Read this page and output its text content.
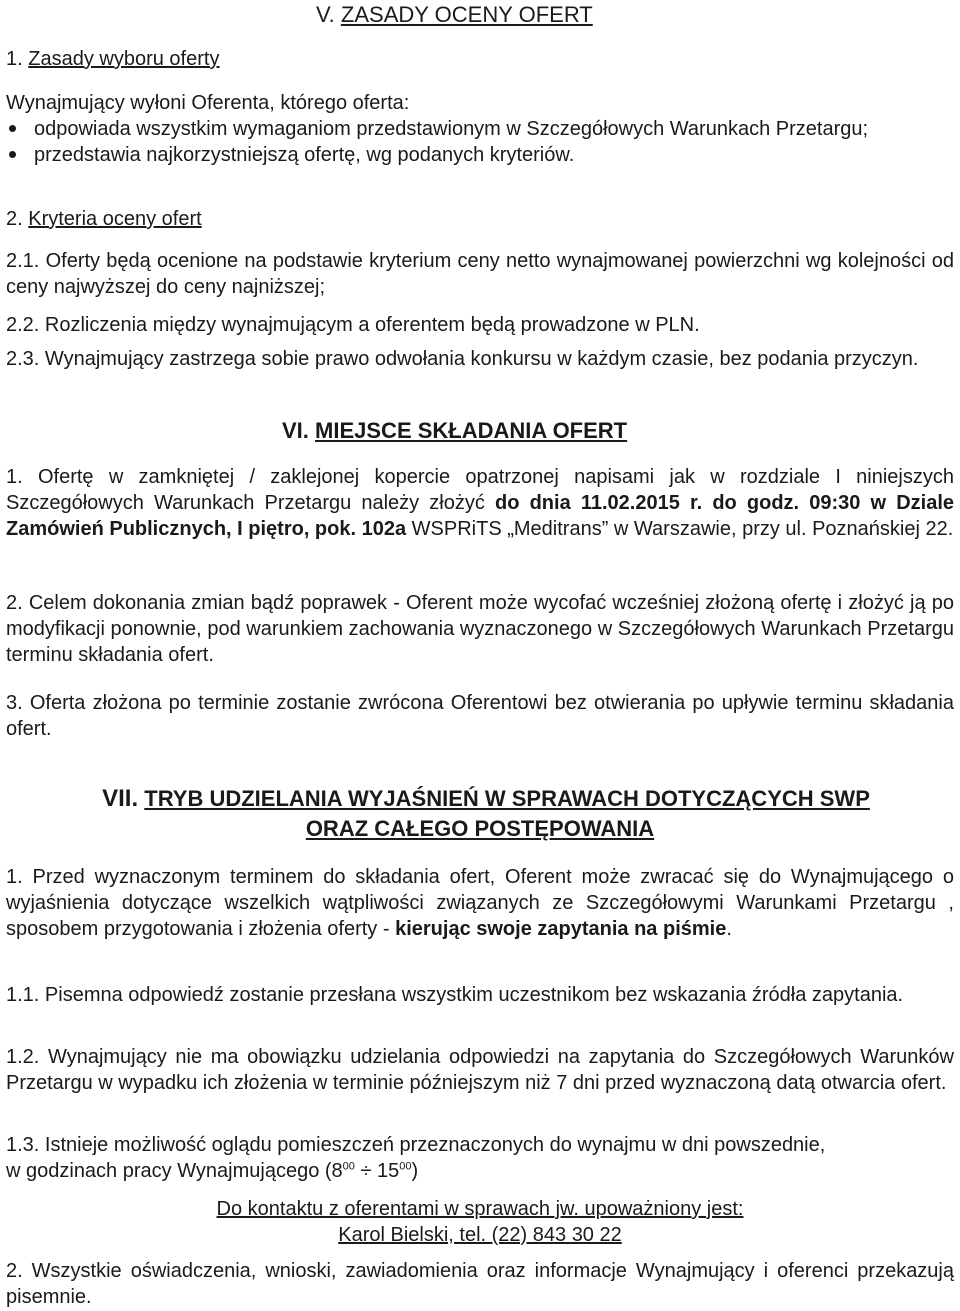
V. ZASADY OCENY OFERT
1. Zasady wyboru oferty

Wynajmujący wyłoni Oferenta, którego oferta:

odpowiada wszystkim wymaganiom przedstawionym w Szczegółowych Warunkach Przetargu;
przedstawia najkorzystniejszą ofertę, wg podanych kryteriów.
2. Kryteria oceny ofert

2.1. Oferty będą ocenione na podstawie kryterium ceny netto wynajmowanej powierzchni wg kolejności od ceny najwyższej do ceny najniższej;

2.2. Rozliczenia między wynajmującym a oferentem będą prowadzone w PLN.

2.3. Wynajmujący zastrzega sobie prawo odwołania konkursu w każdym czasie, bez podania przyczyn.

VI. MIEJSCE SKŁADANIA OFERT

1. Ofertę w zamkniętej / zaklejonej kopercie opatrzonej napisami jak w rozdziale I niniejszych Szczegółowych Warunkach Przetargu należy złożyć do dnia 11.02.2015 r. do godz. 09:30 w Dziale Zamówień Publicznych, I piętro, pok. 102a WSPRiTS „Meditrans” w Warszawie, przy ul. Poznańskiej 22.

2. Celem dokonania zmian bądź poprawek - Oferent może wycofać wcześniej złożoną ofertę i złożyć ją po modyfikacji ponownie, pod warunkiem zachowania wyznaczonego w Szczegółowych Warunkach Przetargu terminu składania ofert.

3. Oferta złożona po terminie zostanie zwrócona Oferentowi bez otwierania po upływie terminu składania ofert.

VII. TRYB UDZIELANIA WYJAŚNIEŃ W SPRAWACH DOTYCZĄCYCH SWP
ORAZ CAŁEGO POSTĘPOWANIA

1. Przed wyznaczonym terminem do składania ofert, Oferent może zwracać się do Wynajmującego o wyjaśnienia dotyczące wszelkich wątpliwości związanych ze Szczegółowymi Warunkami Przetargu , sposobem przygotowania i złożenia oferty - kierując swoje zapytania na piśmie.

1.1. Pisemna odpowiedź zostanie przesłana wszystkim uczestnikom bez wskazania źródła zapytania.

1.2. Wynajmujący nie ma obowiązku udzielania odpowiedzi na zapytania do Szczegółowych Warunków Przetargu w wypadku ich złożenia w terminie późniejszym niż 7 dni przed wyznaczoną datą otwarcia ofert.

1.3. Istnieje możliwość oglądu pomieszczeń przeznaczonych do wynajmu w dni powszednie,
w godzinach pracy Wynajmującego $(8^{00} \div 15^{00})$

Do kontaktu z oferentami w sprawach jw. upoważniony jest:
Karol Bielski, tel. (22) 843 30 22

2. Wszystkie oświadczenia, wnioski, zawiadomienia oraz informacje Wynajmujący i oferenci przekazują pisemnie.
